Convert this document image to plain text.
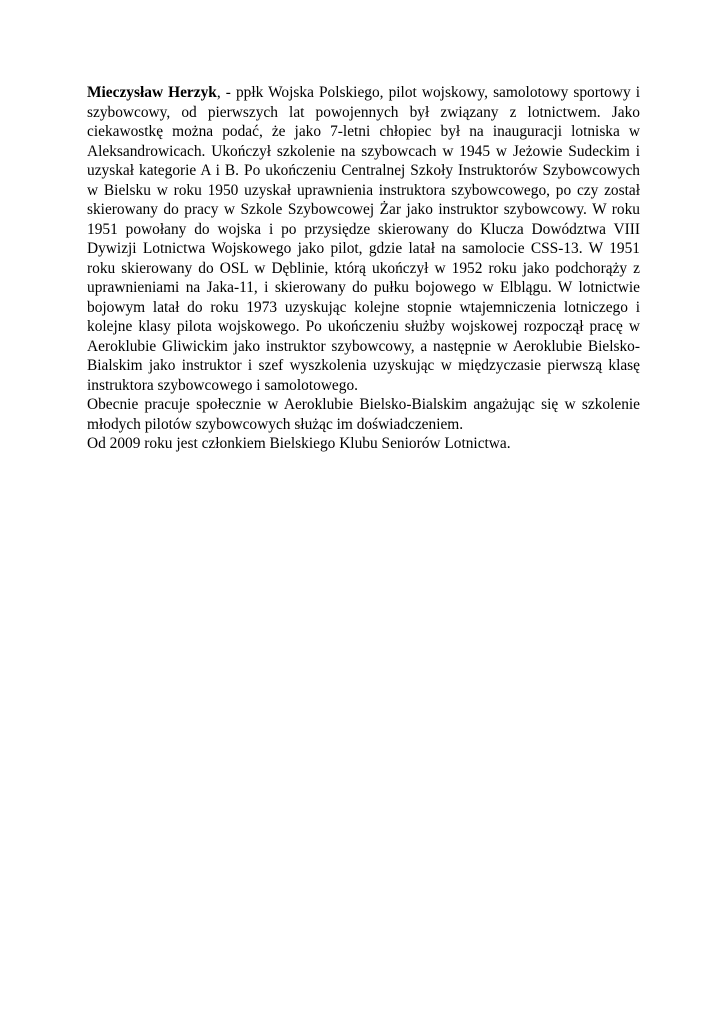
Mieczysław Herzyk, - ppłk Wojska Polskiego, pilot wojskowy, samolotowy sportowy i szybowcowy, od pierwszych lat powojennych był związany z lotnictwem. Jako ciekawostkę można podać, że jako 7-letni chłopiec był na inauguracji lotniska w Aleksandrowicach. Ukończył szkolenie na szybowcach w 1945 w Jeżowie Sudeckim i uzyskał kategorie A i B. Po ukończeniu Centralnej Szkoły Instruktorów Szybowcowych w Bielsku w roku 1950 uzyskał uprawnienia instruktora szybowcowego, po czy został skierowany do pracy w Szkole Szybowcowej Żar jako instruktor szybowcowy. W roku 1951 powołany do wojska i po przysiędze skierowany do Klucza Dowództwa VIII Dywizji Lotnictwa Wojskowego jako pilot, gdzie latał na samolocie CSS-13. W 1951 roku skierowany do OSL w Dęblinie, którą ukończył w 1952 roku jako podchorąży z uprawnieniami na Jaka-11, i skierowany do pułku bojowego w Elblągu. W lotnictwie bojowym latał do roku 1973 uzyskując kolejne stopnie wtajemniczenia lotniczego i kolejne klasy pilota wojskowego. Po ukończeniu służby wojskowej rozpoczął pracę w Aeroklubie Gliwickim jako instruktor szybowcowy, a następnie w Aeroklubie Bielsko-Bialskim jako instruktor i szef wyszkolenia uzyskując w międzyczasie pierwszą klasę instruktora szybowcowego i samolotowego.

Obecnie pracuje społecznie w Aeroklubie Bielsko-Bialskim angażując się w szkolenie młodych pilotów szybowcowych służąc im doświadczeniem.

Od 2009 roku jest członkiem Bielskiego Klubu Seniorów Lotnictwa.
